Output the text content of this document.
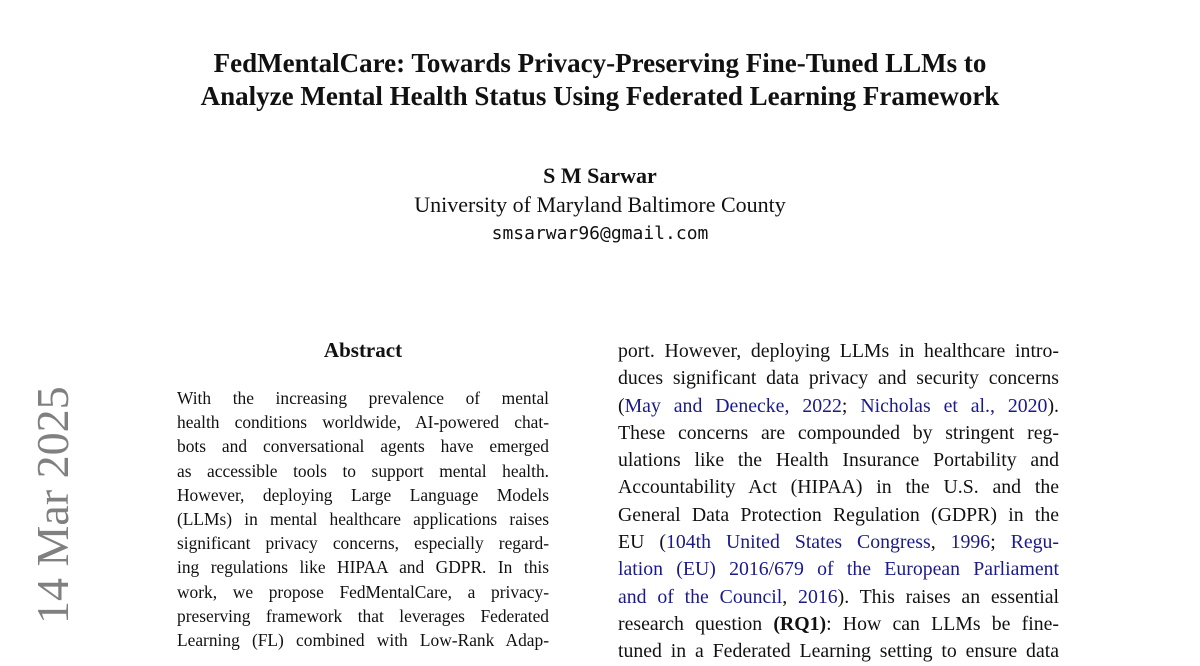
14 Mar 2025
FedMentalCare: Towards Privacy-Preserving Fine-Tuned LLMs to
Analyze Mental Health Status Using Federated Learning Framework
S M Sarwar
University of Maryland Baltimore County
smsarwar96@gmail.com
Abstract
With the increasing prevalence of mental
health conditions worldwide, AI-powered chat-
bots and conversational agents have emerged
as accessible tools to support mental health.
However, deploying Large Language Models
(LLMs) in mental healthcare applications raises
significant privacy concerns, especially regard-
ing regulations like HIPAA and GDPR. In this
work, we propose FedMentalCare, a privacy-
preserving framework that leverages Federated
Learning (FL) combined with Low-Rank Adap-
port. However, deploying LLMs in healthcare intro-
duces significant data privacy and security concerns
(May and Denecke, 2022; Nicholas et al., 2020).
These concerns are compounded by stringent reg-
ulations like the Health Insurance Portability and
Accountability Act (HIPAA) in the U.S. and the
General Data Protection Regulation (GDPR) in the
EU (104th United States Congress, 1996; Regu-
lation (EU) 2016/679 of the European Parliament
and of the Council, 2016). This raises an essential
research question (RQ1): How can LLMs be fine-
tuned in a Federated Learning setting to ensure data
